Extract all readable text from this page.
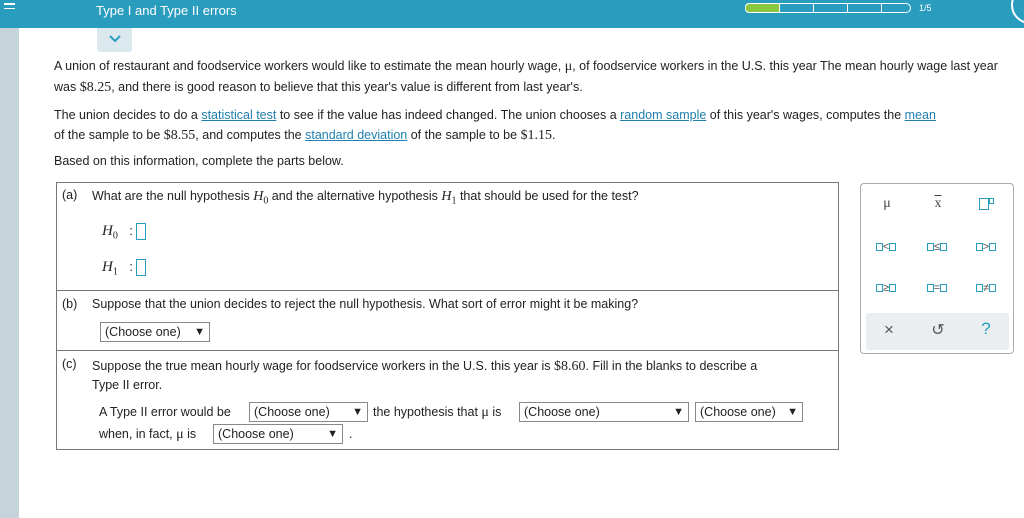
Type I and Type II errors	1/5
A union of restaurant and foodservice workers would like to estimate the mean hourly wage, μ, of foodservice workers in the U.S. this year The mean hourly wage last year was $8.25, and there is good reason to believe that this year's value is different from last year's.
The union decides to do a statistical test to see if the value has indeed changed. The union chooses a random sample of this year's wages, computes the mean
of the sample to be $8.55, and computes the standard deviation of the sample to be $1.15.
Based on this information, complete the parts below.
(a) What are the null hypothesis $H_0$ and the alternative hypothesis $H_1$ that should be used for the test?
$H_0$ :
$H_1$ :
(b) Suppose that the union decides to reject the null hypothesis. What sort of error might it be making?
(Choose one) ▼
(c) Suppose the true mean hourly wage for foodservice workers in the U.S. this year is $8.60. Fill in the blanks to describe a
Type II error.
A Type II error would be (Choose one) ▼ the hypothesis that μ is (Choose one)	▼ (Choose one) ▼
when, in fact, μ is (Choose one)	▼ .
μ	$\overline{x}$
<	≤	>
≥	=	≠
×	↺	?
